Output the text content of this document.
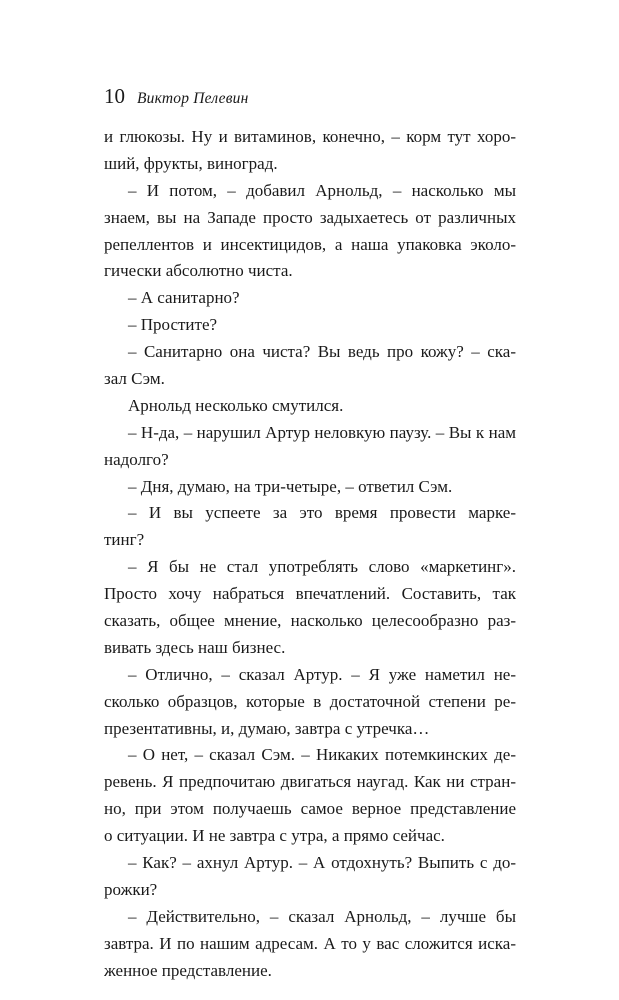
10 Виктор Пелевин
и глюкозы. Ну и витаминов, конечно, – корм тут хоро-
ший, фрукты, виноград.
– И потом, – добавил Арнольд, – насколько мы
знаем, вы на Западе просто задыхаетесь от различных
репеллентов и инсектицидов, а наша упаковка эколо-
гически абсолютно чиста.
– А санитарно?
– Простите?
– Санитарно она чиста? Вы ведь про кожу? – ска-
зал Сэм.
Арнольд несколько смутился.
– Н-да, – нарушил Артур неловкую паузу. – Вы к нам
надолго?
– Дня, думаю, на три-четыре, – ответил Сэм.
– И вы успеете за это время провести марке-
тинг?
– Я бы не стал употреблять слово «маркетинг».
Просто хочу набраться впечатлений. Составить, так
сказать, общее мнение, насколько целесообразно раз-
вивать здесь наш бизнес.
– Отлично, – сказал Артур. – Я уже наметил не-
сколько образцов, которые в достаточной степени ре-
презентативны, и, думаю, завтра с утречка…
– О нет, – сказал Сэм. – Никаких потемкинских де-
ревень. Я предпочитаю двигаться наугад. Как ни стран-
но, при этом получаешь самое верное представление
о ситуации. И не завтра с утра, а прямо сейчас.
– Как? – ахнул Артур. – А отдохнуть? Выпить с до-
рожки?
– Действительно, – сказал Арнольд, – лучше бы
завтра. И по нашим адресам. А то у вас сложится иска-
женное представление.
